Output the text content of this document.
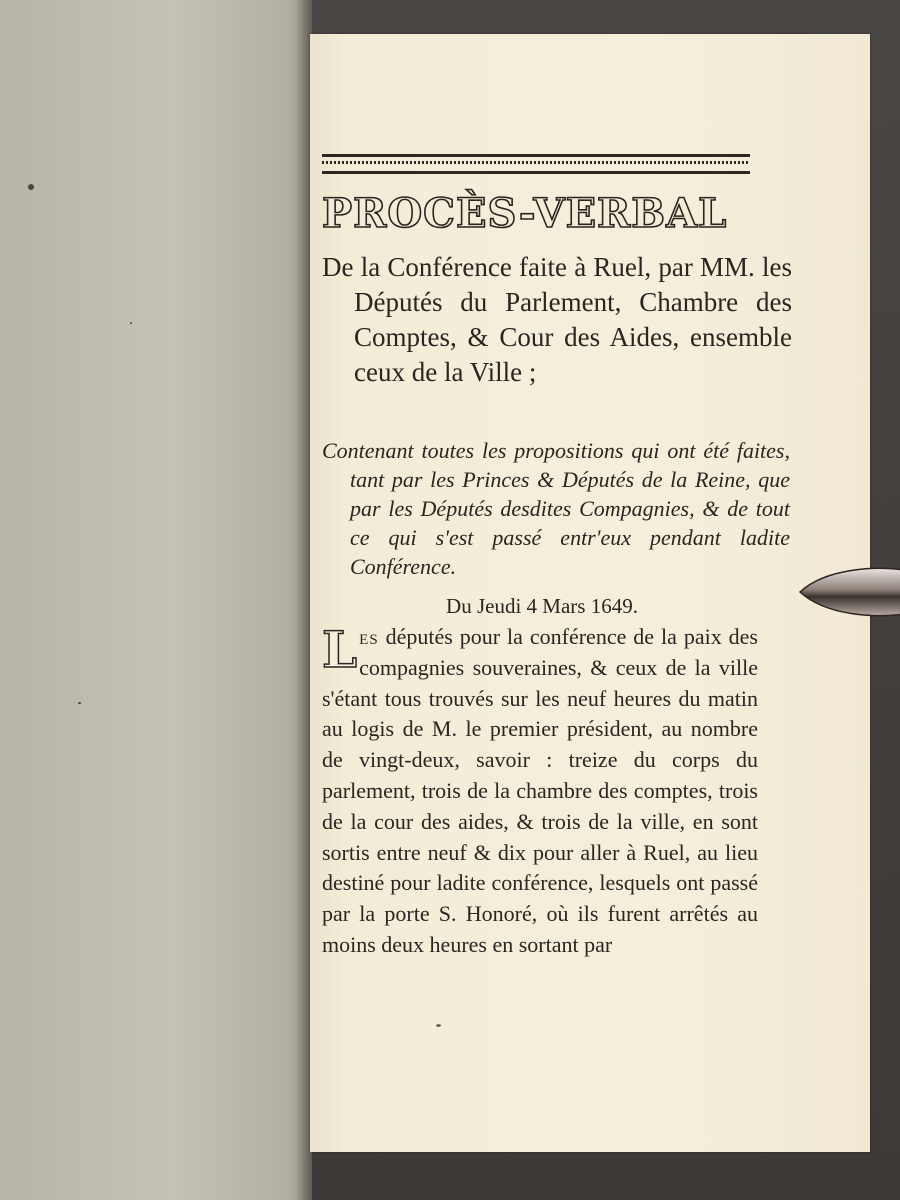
PROCÈS-VERBAL

De la Conférence faite à Ruel, par MM. les Députés du Parlement, Chambre des Comptes, & Cour des Aides, ensemble ceux de la Ville ;

Contenant toutes les propositions qui ont été faites, tant par les Princes & Députés de la Reine, que par les Députés desdites Compagnies, & de tout ce qui s'est passé entr'eux pendant ladite Conférence.

Du Jeudi 4 Mars 1649.

Les députés pour la conférence de la paix des compagnies souveraines, & ceux de la ville s'étant tous trouvés sur les neuf heures du matin au logis de M. le premier président, au nombre de vingt-deux, savoir : treize du corps du parlement, trois de la chambre des comptes, trois de la cour des aides, & trois de la ville, en sont sortis entre neuf & dix pour aller à Ruel, au lieu destiné pour ladite conférence, lesquels ont passé par la porte S. Honoré, où ils furent arrêtés au moins deux heures en sortant par
